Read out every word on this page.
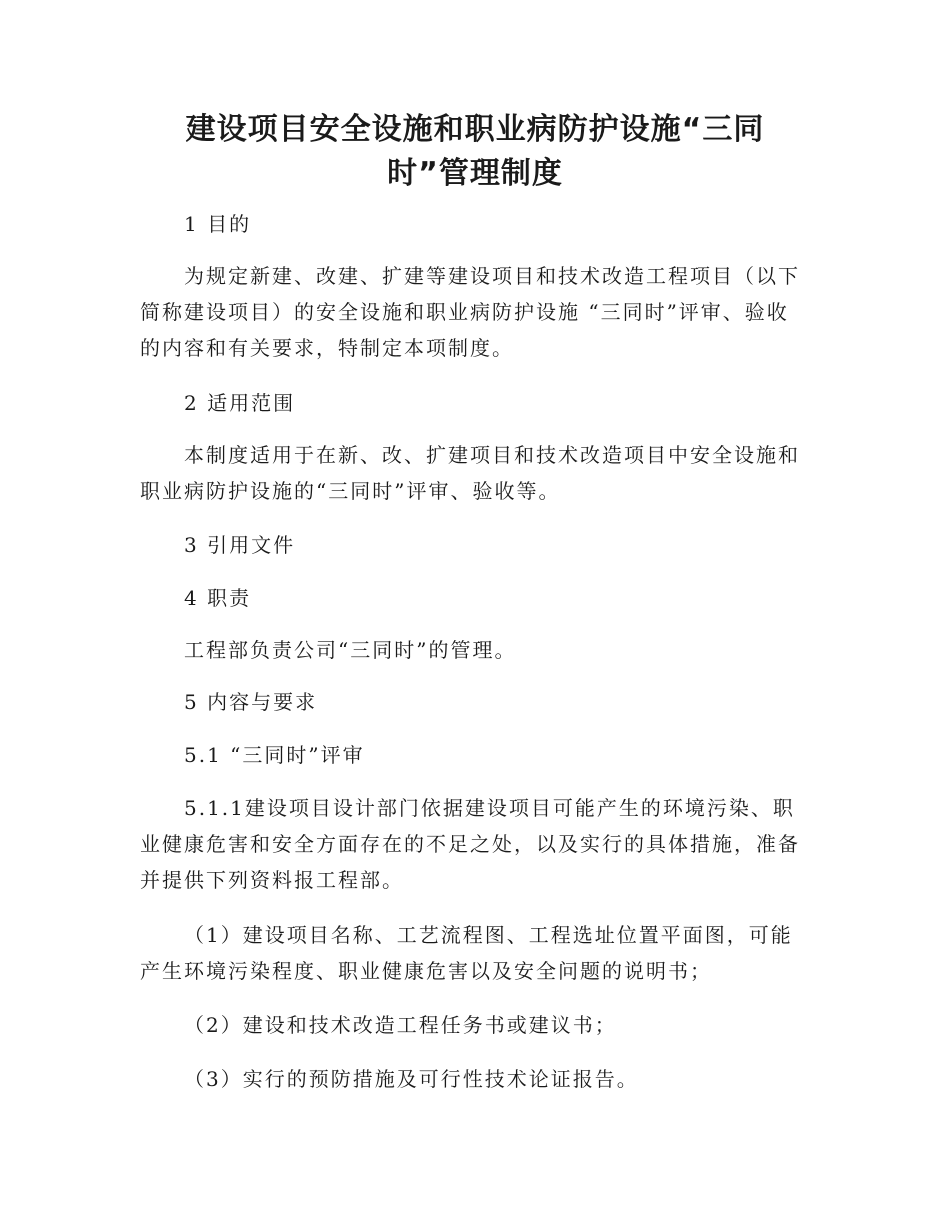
建设项目安全设施和职业病防护设施“三同
时”管理制度
1 目的
为规定新建、改建、扩建等建设项目和技术改造工程项目（以下简称建设项目）的安全设施和职业病防护设施 “三同时”评审、验收的内容和有关要求，特制定本项制度。
2 适用范围
本制度适用于在新、改、扩建项目和技术改造项目中安全设施和职业病防护设施的“三同时”评审、验收等。
3 引用文件
4 职责
工程部负责公司“三同时”的管理。
5 内容与要求
5.1 “三同时”评审
5.1.1建设项目设计部门依据建设项目可能产生的环境污染、职业健康危害和安全方面存在的不足之处，以及实行的具体措施，准备并提供下列资料报工程部。
（1）建设项目名称、工艺流程图、工程选址位置平面图，可能产生环境污染程度、职业健康危害以及安全问题的说明书；
（2）建设和技术改造工程任务书或建议书；
（3）实行的预防措施及可行性技术论证报告。
